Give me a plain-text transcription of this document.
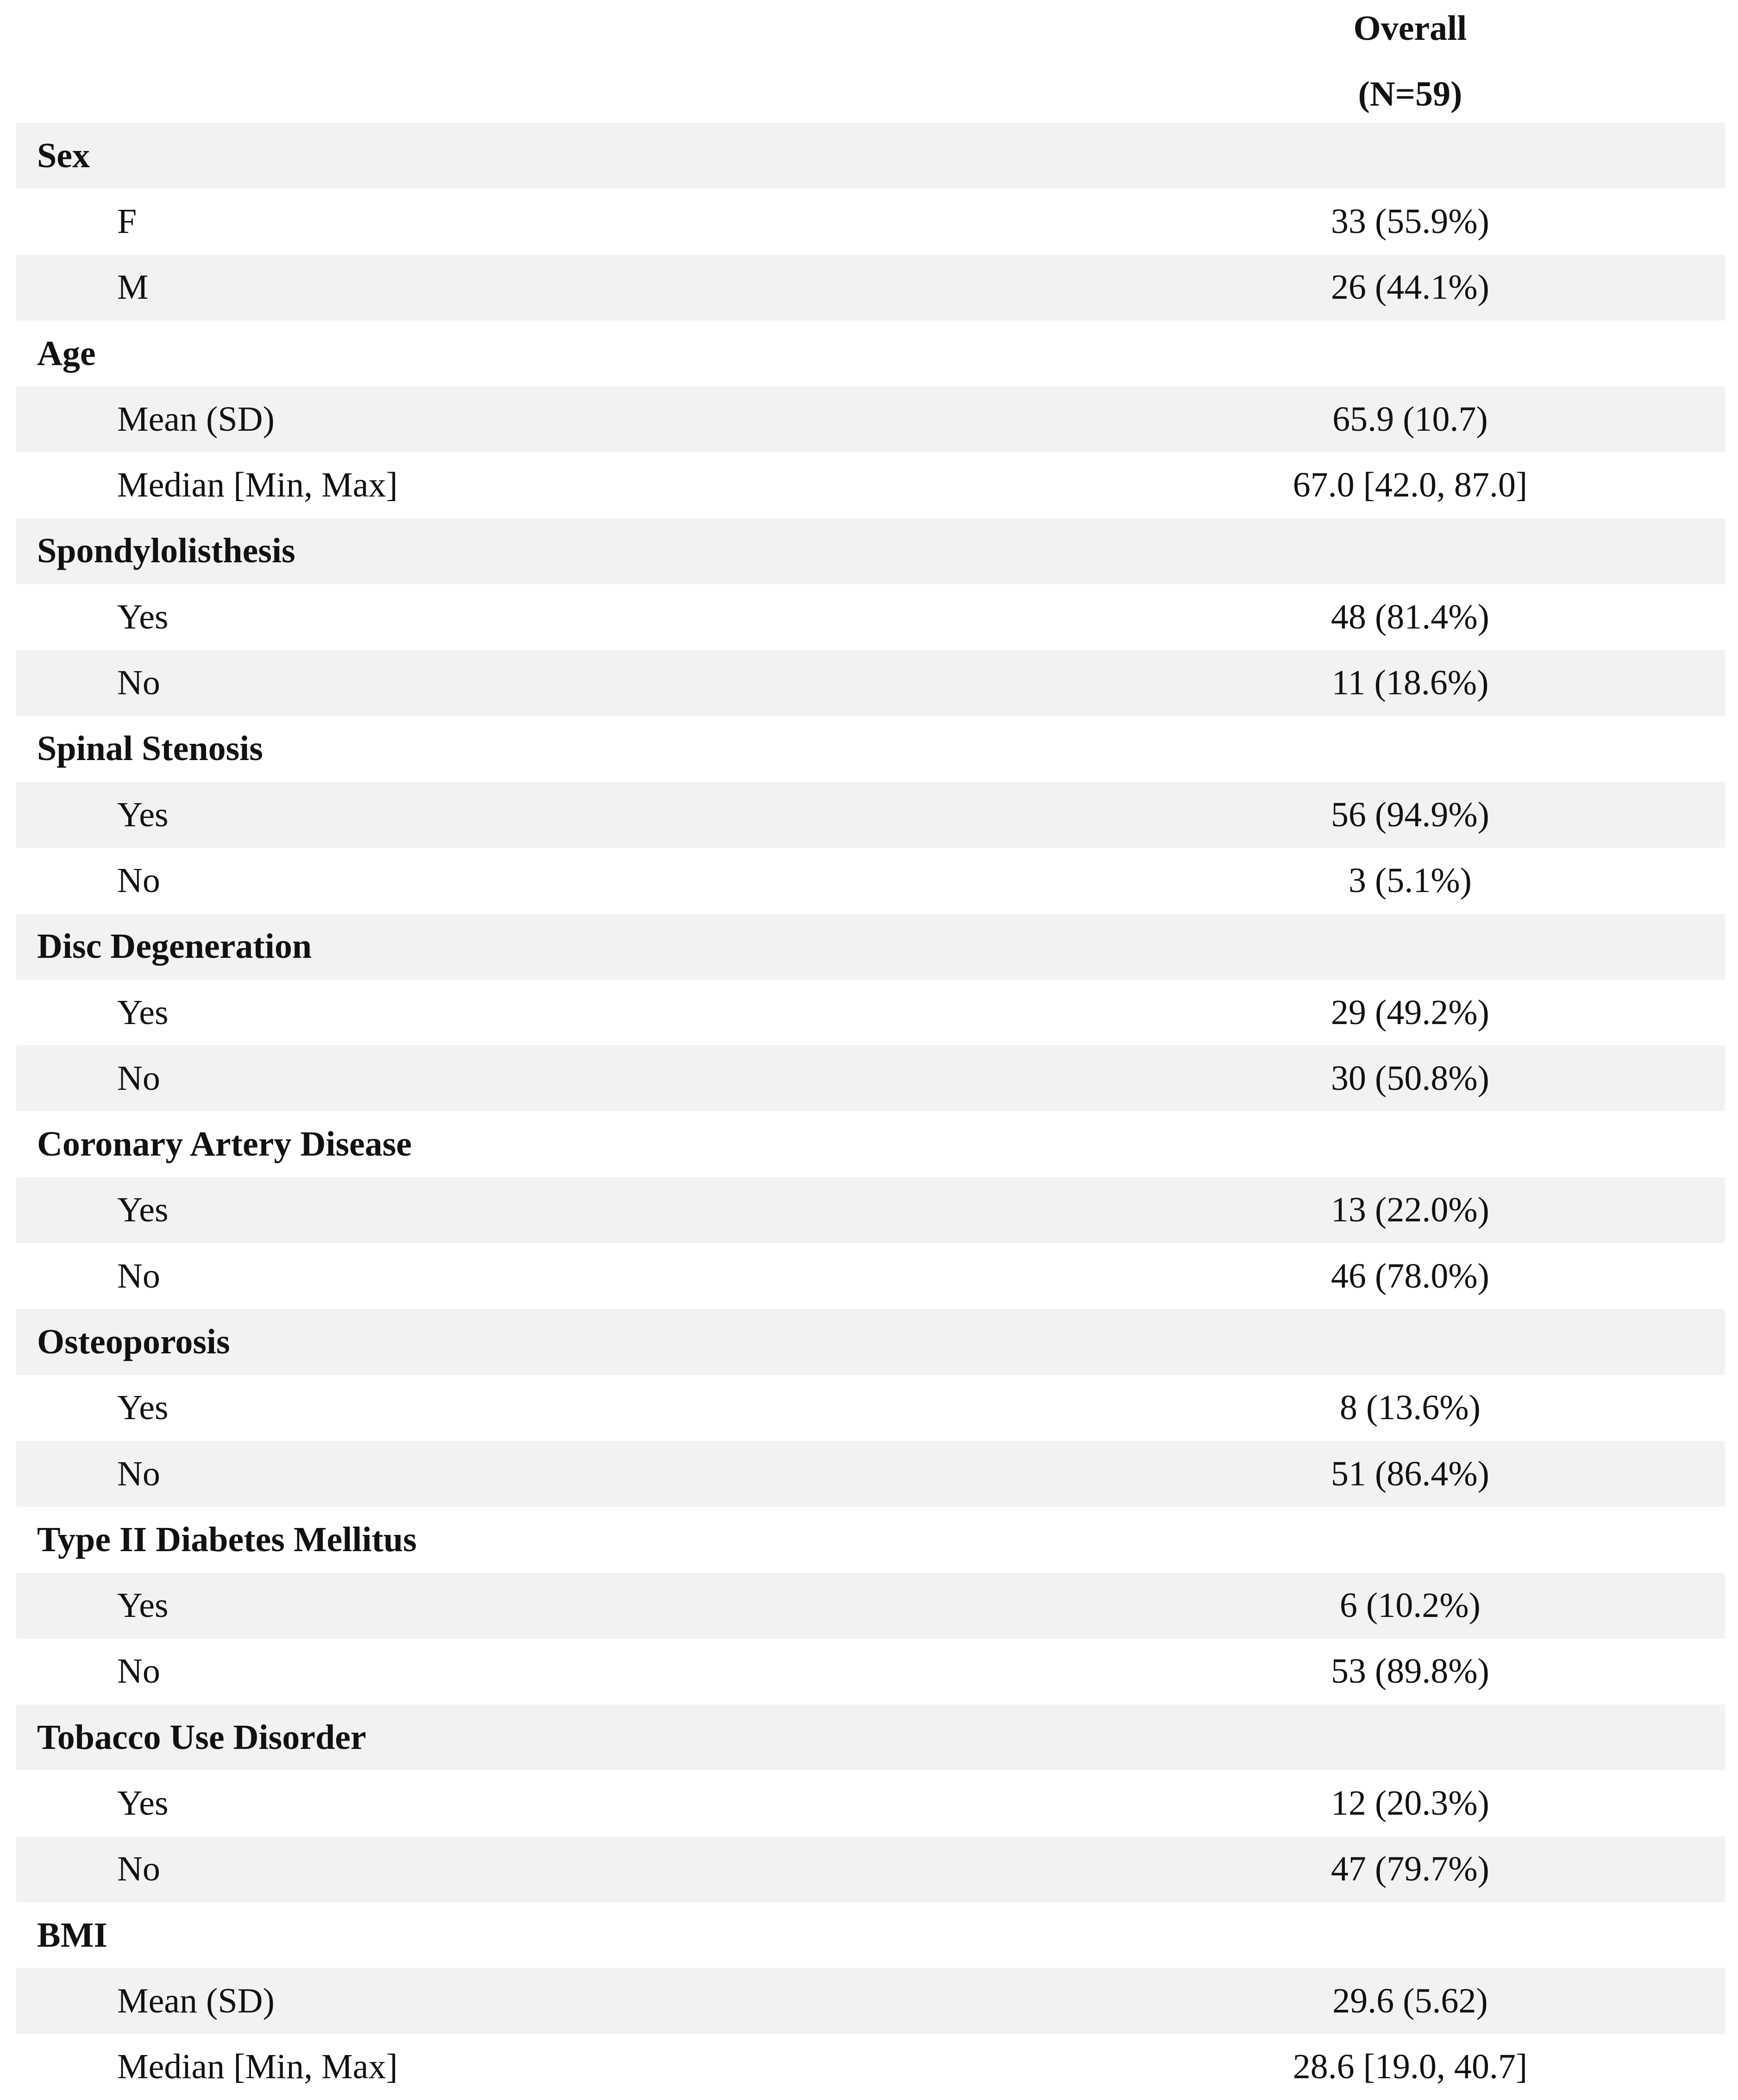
Overall
(N=59)
Sex
F	33 (55.9%)
M	26 (44.1%)
Age
Mean (SD)	65.9 (10.7)
Median [Min, Max]	67.0 [42.0, 87.0]
Spondylolisthesis
Yes	48 (81.4%)
No	11 (18.6%)
Spinal Stenosis
Yes	56 (94.9%)
No	3 (5.1%)
Disc Degeneration
Yes	29 (49.2%)
No	30 (50.8%)
Coronary Artery Disease
Yes	13 (22.0%)
No	46 (78.0%)
Osteoporosis
Yes	8 (13.6%)
No	51 (86.4%)
Type II Diabetes Mellitus
Yes	6 (10.2%)
No	53 (89.8%)
Tobacco Use Disorder
Yes	12 (20.3%)
No	47 (79.7%)
BMI
Mean (SD)	29.6 (5.62)
Median [Min, Max]	28.6 [19.0, 40.7]
